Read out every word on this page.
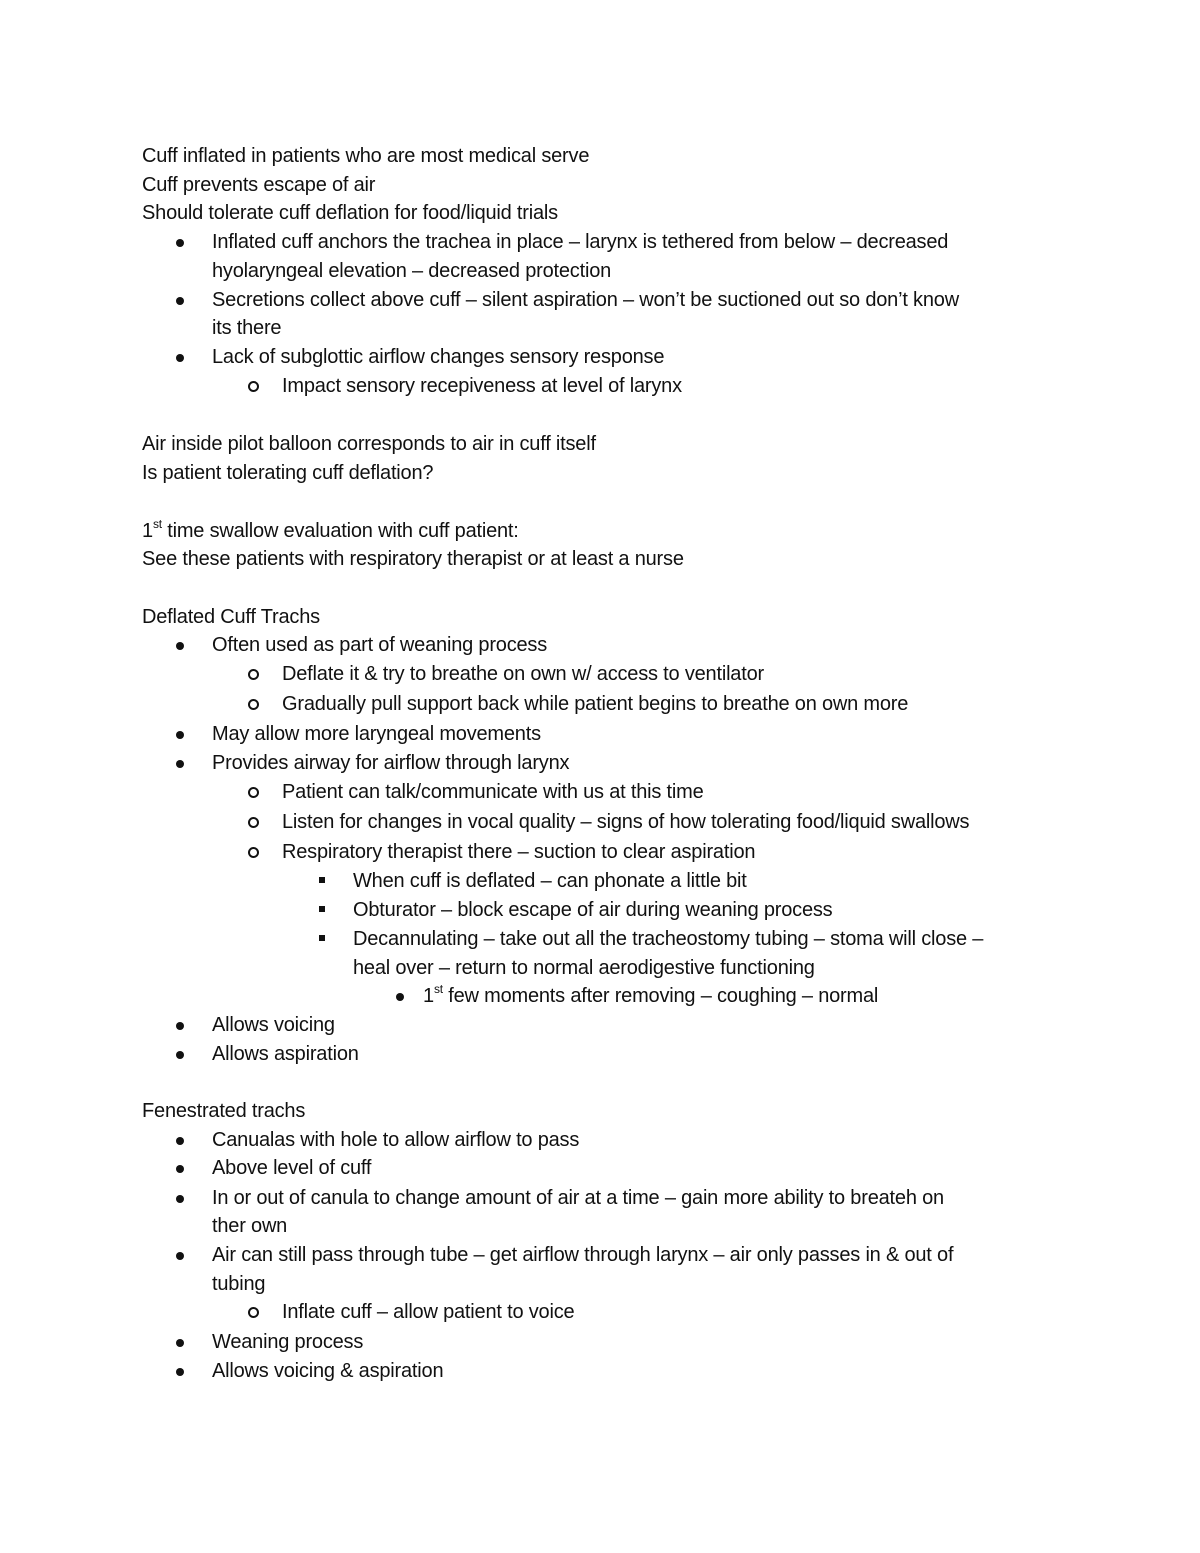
Cuff inflated in patients who are most medical serve
Cuff prevents escape of air
Should tolerate cuff deflation for food/liquid trials
Inflated cuff anchors the trachea in place – larynx is tethered from below – decreased
hyolaryngeal elevation – decreased protection
Secretions collect above cuff – silent aspiration – won’t be suctioned out so don’t know
its there
Lack of subglottic airflow changes sensory response
Impact sensory recepiveness at level of larynx
Air inside pilot balloon corresponds to air in cuff itself
Is patient tolerating cuff deflation?
1st time swallow evaluation with cuff patient:
See these patients with respiratory therapist or at least a nurse
Deflated Cuff Trachs
Often used as part of weaning process
Deflate it & try to breathe on own w/ access to ventilator
Gradually pull support back while patient begins to breathe on own more
May allow more laryngeal movements
Provides airway for airflow through larynx
Patient can talk/communicate with us at this time
Listen for changes in vocal quality – signs of how tolerating food/liquid swallows
Respiratory therapist there – suction to clear aspiration
When cuff is deflated – can phonate a little bit
Obturator – block escape of air during weaning process
Decannulating – take out all the tracheostomy tubing – stoma will close –
heal over – return to normal aerodigestive functioning
1st few moments after removing – coughing – normal
Allows voicing
Allows aspiration
Fenestrated trachs
Canualas with hole to allow airflow to pass
Above level of cuff
In or out of canula to change amount of air at a time – gain more ability to breateh on
ther own
Air can still pass through tube – get airflow through larynx – air only passes in & out of
tubing
Inflate cuff – allow patient to voice
Weaning process
Allows voicing & aspiration
